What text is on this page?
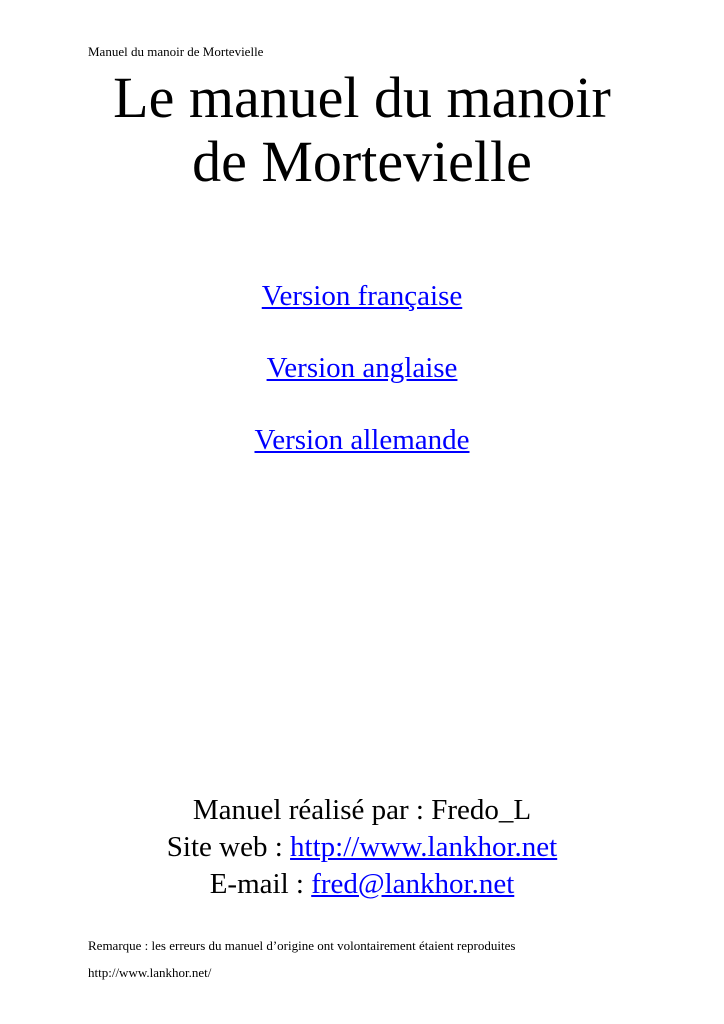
Manuel du manoir de Mortevielle
Le manuel du manoir
de Mortevielle
Version française
Version anglaise
Version allemande
Manuel réalisé par : Fredo_L
Site web : http://www.lankhor.net
E-mail : fred@lankhor.net
Remarque : les erreurs du manuel d’origine ont volontairement étaient reproduites
http://www.lankhor.net/
